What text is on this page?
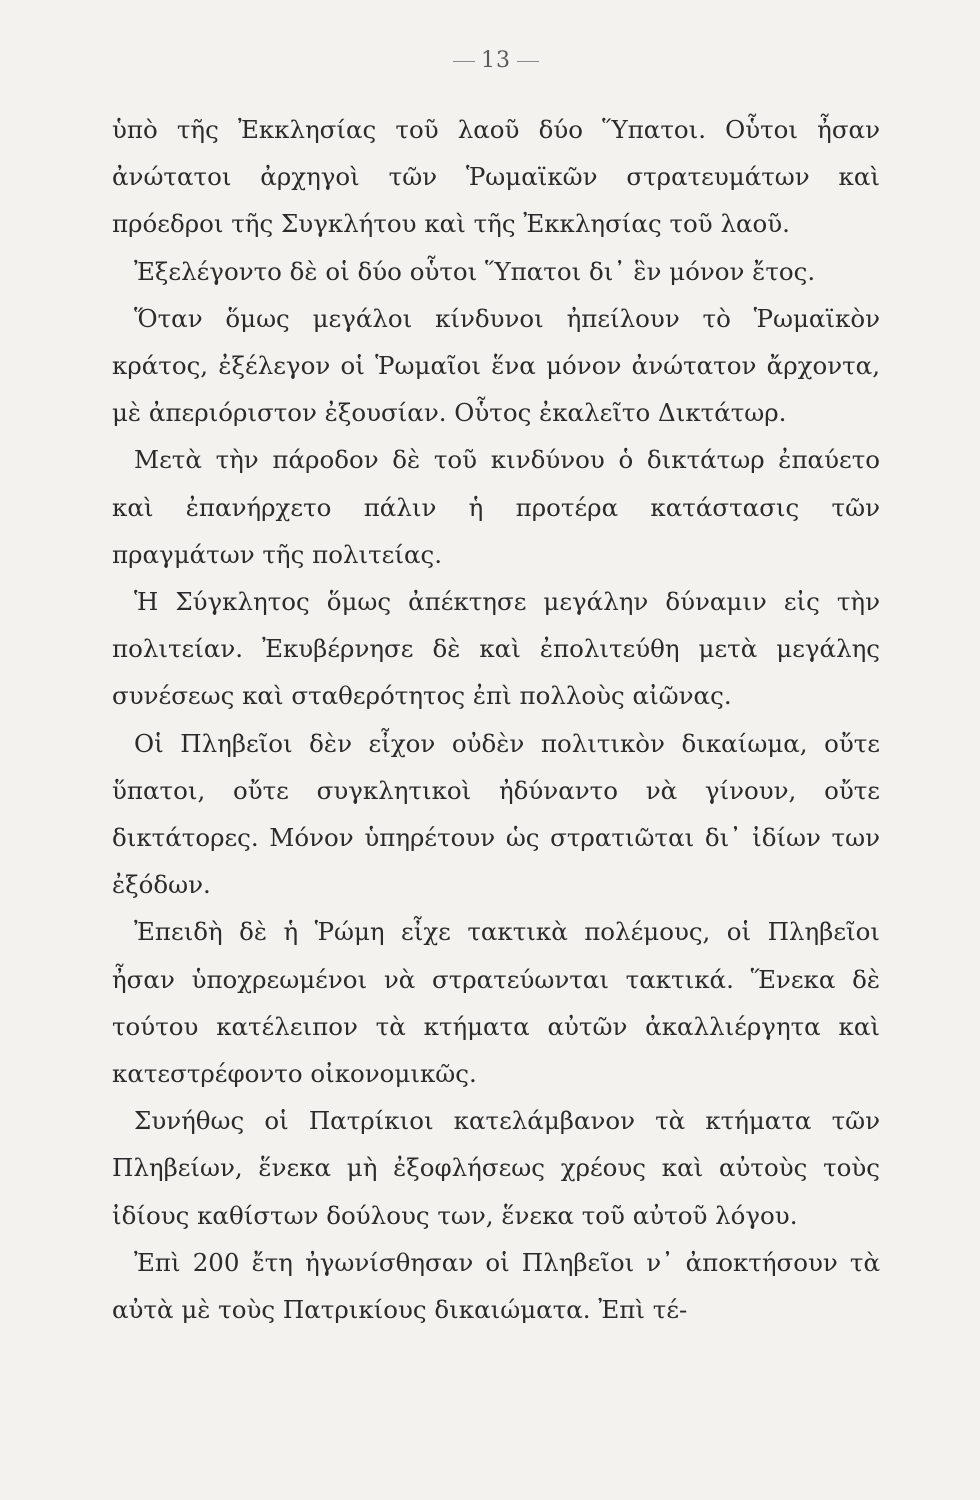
13

ὑπὸ τῆς Ἐκκλησίας τοῦ λαοῦ δύο Ὕπατοι. Οὗτοι ἦσαν ἀνώτατοι ἀρχηγοὶ τῶν Ῥωμαϊκῶν στρατευμάτων καὶ πρόεδροι τῆς Συγκλήτου καὶ τῆς Ἐκκλησίας τοῦ λαοῦ.

Ἐξελέγοντο δὲ οἱ δύο οὗτοι Ὕπατοι δι᾽ ἓν μόνον ἔτος.

Ὅταν ὅμως μεγάλοι κίνδυνοι ἠπείλουν τὸ Ῥωμαϊκὸν κράτος, ἐξέλεγον οἱ Ῥωμαῖοι ἕνα μόνον ἀνώτατον ἄρχοντα, μὲ ἀπεριόριστον ἐξουσίαν. Οὗτος ἐκαλεῖτο Δικτάτωρ.

Μετὰ τὴν πάροδον δὲ τοῦ κινδύνου ὁ δικτάτωρ ἐπαύετο καὶ ἐπανήρχετο πάλιν ἡ προτέρα κατάστασις τῶν πραγμάτων τῆς πολιτείας.

Ἡ Σύγκλητος ὅμως ἀπέκτησε μεγάλην δύναμιν εἰς τὴν πολιτείαν. Ἐκυβέρνησε δὲ καὶ ἐπολιτεύθη μετὰ μεγάλης συνέσεως καὶ σταθερότητος ἐπὶ πολλοὺς αἰῶνας.

Οἱ Πληβεῖοι δὲν εἶχον οὐδὲν πολιτικὸν δικαίωμα, οὔτε ὕπατοι, οὔτε συγκλητικοὶ ἠδύναντο νὰ γίνουν, οὔτε δικτάτορες. Μόνον ὑπηρέτουν ὡς στρατιῶται δι᾽ ἰδίων των ἐξόδων.

Ἐπειδὴ δὲ ἡ Ῥώμη εἶχε τακτικὰ πολέμους, οἱ Πληβεῖοι ἦσαν ὑποχρεωμένοι νὰ στρατεύωνται τακτικά. Ἕνεκα δὲ τούτου κατέλειπον τὰ κτήματα αὐτῶν ἀκαλλιέργητα καὶ κατεστρέφοντο οἰκονομικῶς.

Συνήθως οἱ Πατρίκιοι κατελάμβανον τὰ κτήματα τῶν Πληβείων, ἕνεκα μὴ ἐξοφλήσεως χρέους καὶ αὐτοὺς τοὺς ἰδίους καθίστων δούλους των, ἕνεκα τοῦ αὐτοῦ λόγου.

Ἐπὶ 200 ἔτη ἠγωνίσθησαν οἱ Πληβεῖοι ν᾽ ἀποκτήσουν τὰ αὐτὰ μὲ τοὺς Πατρικίους δικαιώματα. Ἐπὶ τέ-
